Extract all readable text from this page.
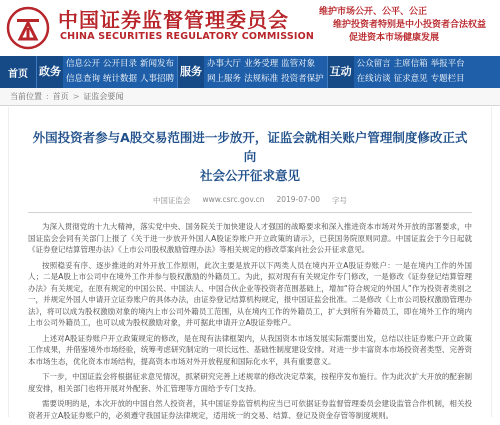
中国证券监督管理委员会
CHINA SECURITIES REGULATORY COMMISSION
维护市场公开、公平、公正
维护投资者特别是中小投资者合法权益
促进资本市场健康发展
首页	政务
信息公开 公开目录 新闻发布
信息查询 统计数据 人事招聘
服务
办事大厅 业务受理 监管对象
网上服务 法规标准 投资者保护
互动
公众留言 主席信箱 举报平台
在线访谈 征求意见 专题栏目
当前位置 : 首页 > 证监会要闻
外国投资者参与A股交易范围进一步放开，证监会就相关账户管理制度修改正式向
社会公开征求意见
中国证监会 www.csrc.gov.cn 2019-07-00 字号

为深入贯彻党的十九大精神，落实党中央、国务院关于加快建设人才强国的战略要求和深入推进资本市场对外开放的部署要求，中国证监会会同有关部门上报了《关于进一步放开外国人A股证券账户开立政策的请示》，已获国务院原则同意。中国证监会于今日起就《证券登记结算管理办法》《上市公司股权激励管理办法》等相关规定的修改草案向社会公开征求意见。

按照稳妥有序、逐步推进的对外开放工作原则，此次主要是放开以下两类人员在境内开立A股证券账户：一是在境内工作的外国人；二是A股上市公司中在境外工作并参与股权激励的外籍员工。为此，拟对现有有关规定作专门修改，一是修改《证券登记结算管理办法》有关规定，在原有规定的中国公民、中国法人、中国合伙企业等投资者范围基础上，增加“符合规定的外国人”作为投资者类别之一，并规定外国人申请开立证券账户的具体办法，由证券登记结算机构规定，报中国证监会批准。二是修改《上市公司股权激励管理办法》，将可以成为股权激励对象的境内上市公司外籍员工范围，从在境内工作的外籍员工，扩大到所有外籍员工，即在境外工作的境内上市公司外籍员工，也可以成为股权激励对象，并可据此申请开立A股证券账户。

上述对A股证券账户开立政策规定的修改，是在现有法律框架内，从我国资本市场发展实际需要出发，总结以往证券账户开立政策工作成果，并借鉴境外市场经验，统筹考虑研究制定的一项长远性、基础性制度建设安排。对进一步丰富资本市场投资者类型、完善资本市场生态，优化资本市场结构，提高资本市场对外开放程度和国际化水平，具有重要意义。

下一步，中国证监会将根据征求意见情况，抓紧研究完善上述规章的修改决定草案，按程序发布施行。作为此次扩大开放的配套制度安排，相关部门也将开展对外配套、外汇管理等方面给予专门支持。

需要说明的是，本次开放的中国自然人投资者，其中国证券监管机构应当已可依据证券监督管理委员会建设监管合作机制，相关投资者开立A股证券账户的，必须遵守我国证券法律规定，适用统一的交易、结算、登记及资金存管等制度规则。
